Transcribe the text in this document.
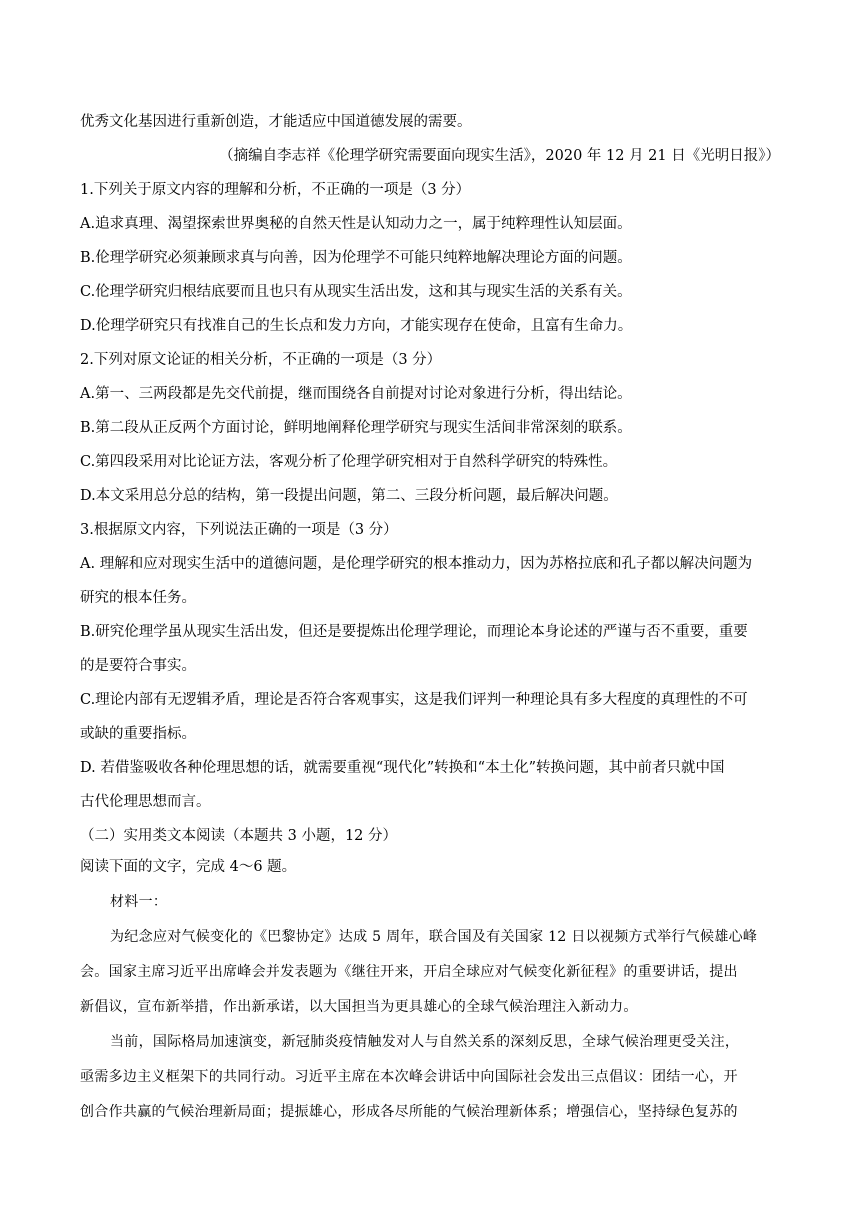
优秀文化基因进行重新创造，才能适应中国道德发展的需要。
（摘编自李志祥《伦理学研究需要面向现实生活》，2020 年 12 月 21 日《光明日报》）
1.下列关于原文内容的理解和分析，不正确的一项是（3 分）
A.追求真理、渴望探索世界奥秘的自然天性是认知动力之一，属于纯粹理性认知层面。
B.伦理学研究必须兼顾求真与向善，因为伦理学不可能只纯粹地解决理论方面的问题。
C.伦理学研究归根结底要而且也只有从现实生活出发，这和其与现实生活的关系有关。
D.伦理学研究只有找准自己的生长点和发力方向，才能实现存在使命，且富有生命力。
2.下列对原文论证的相关分析，不正确的一项是（3 分）
A.第一、三两段都是先交代前提，继而围绕各自前提对讨论对象进行分析，得出结论。
B.第二段从正反两个方面讨论，鲜明地阐释伦理学研究与现实生活间非常深刻的联系。
C.第四段采用对比论证方法，客观分析了伦理学研究相对于自然科学研究的特殊性。
D.本文采用总分总的结构，第一段提出问题，第二、三段分析问题，最后解决问题。
3.根据原文内容，下列说法正确的一项是（3 分）
A. 理解和应对现实生活中的道德问题，是伦理学研究的根本推动力，因为苏格拉底和孔子都以解决问题为
研究的根本任务。
B.研究伦理学虽从现实生活出发，但还是要提炼出伦理学理论，而理论本身论述的严谨与否不重要，重要
的是要符合事实。
C.理论内部有无逻辑矛盾，理论是否符合客观事实，这是我们评判一种理论具有多大程度的真理性的不可
或缺的重要指标。
D. 若借鉴吸收各种伦理思想的话，就需要重视“现代化”转换和“本土化”转换问题，其中前者只就中国
古代伦理思想而言。
（二）实用类文本阅读（本题共 3 小题，12 分）
阅读下面的文字，完成 4～6 题。
材料一：
为纪念应对气候变化的《巴黎协定》达成 5 周年，联合国及有关国家 12 日以视频方式举行气候雄心峰
会。国家主席习近平出席峰会并发表题为《继往开来，开启全球应对气候变化新征程》的重要讲话，提出
新倡议，宣布新举措，作出新承诺，以大国担当为更具雄心的全球气候治理注入新动力。
当前，国际格局加速演变，新冠肺炎疫情触发对人与自然关系的深刻反思，全球气候治理更受关注，
亟需多边主义框架下的共同行动。习近平主席在本次峰会讲话中向国际社会发出三点倡议：团结一心，开
创合作共赢的气候治理新局面；提振雄心，形成各尽所能的气候治理新体系；增强信心，坚持绿色复苏的
